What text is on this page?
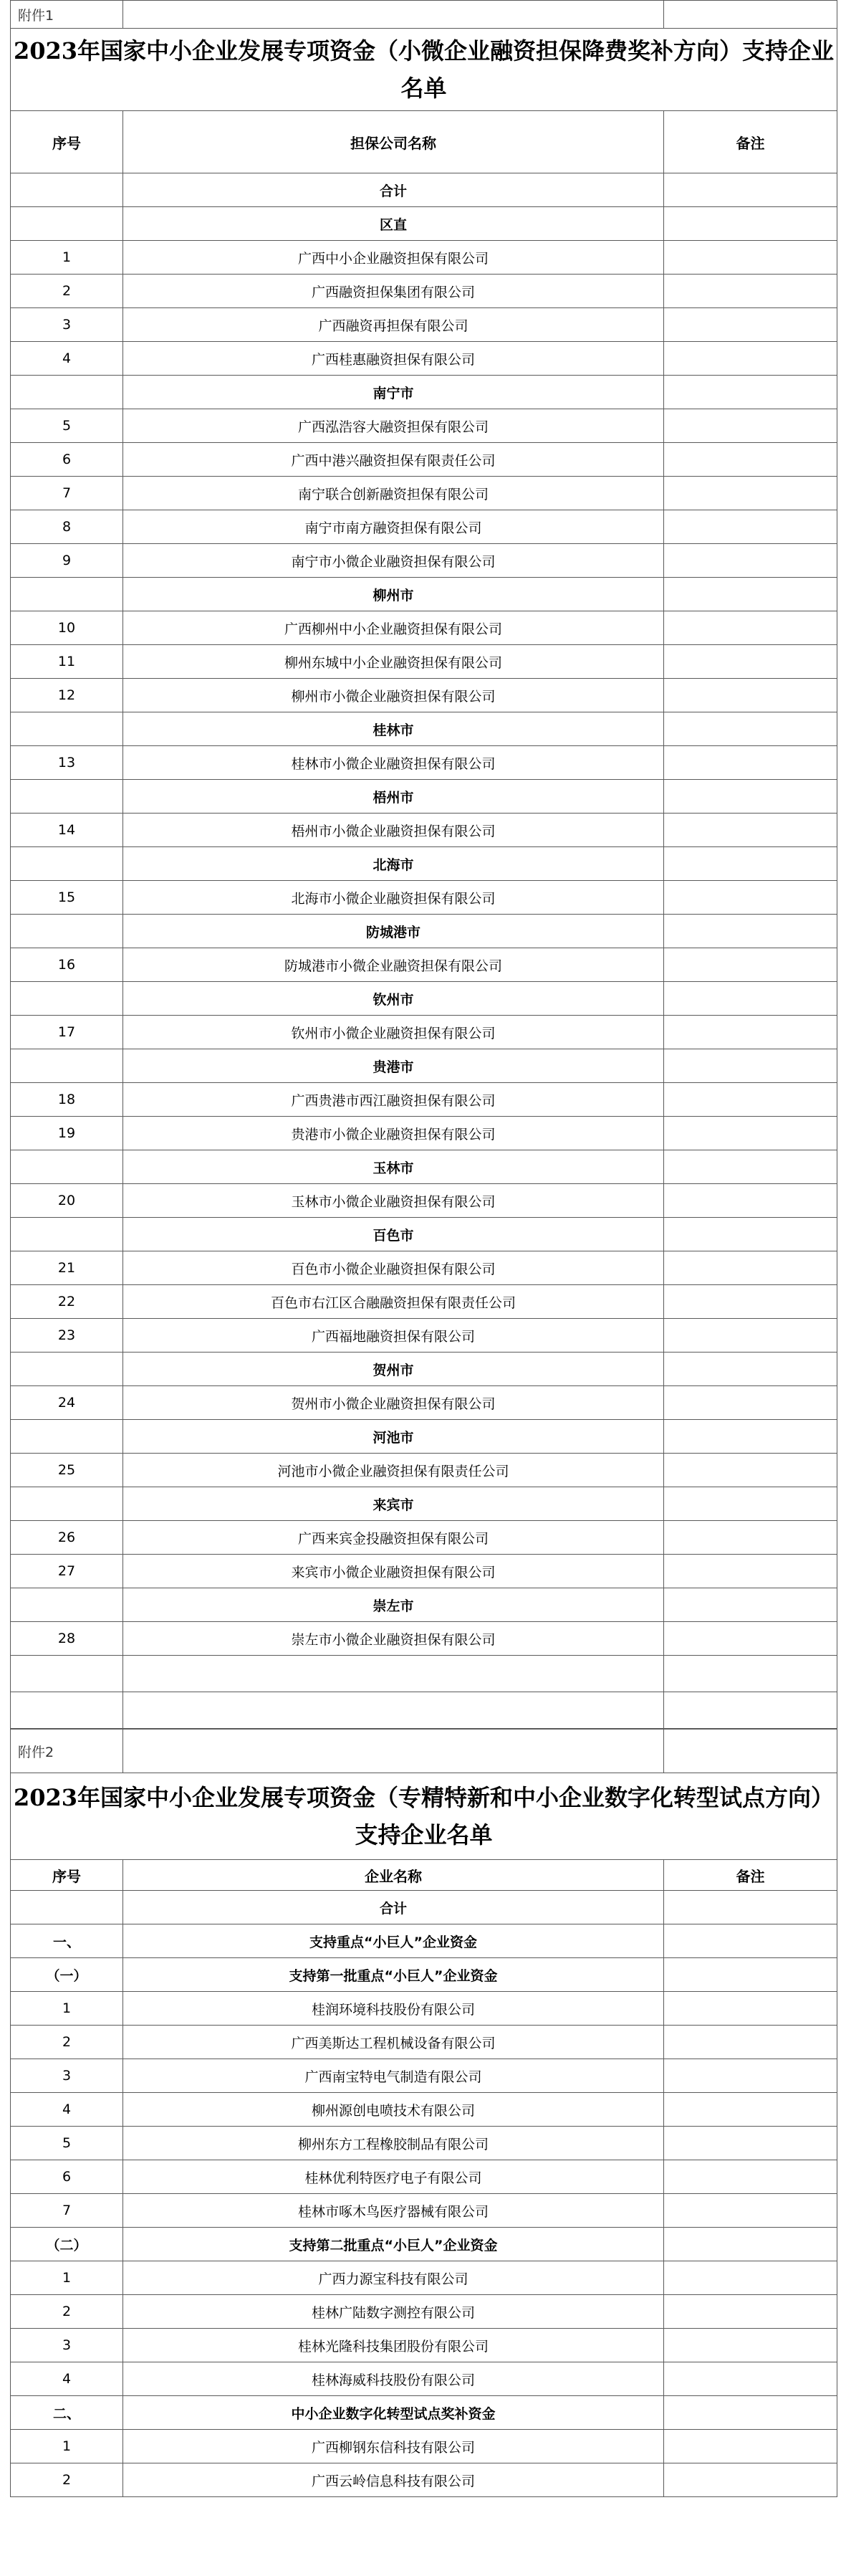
附件1		
2023年国家中小企业发展专项资金（小微企业融资担保降费奖补方向）支持企业名单		
序号	担保公司名称	备注
	合计	
	区直	
1	广西中小企业融资担保有限公司	
2	广西融资担保集团有限公司	
3	广西融资再担保有限公司	
4	广西桂惠融资担保有限公司	
	南宁市	
5	广西泓浩容大融资担保有限公司	
6	广西中港兴融资担保有限责任公司	
7	南宁联合创新融资担保有限公司	
8	南宁市南方融资担保有限公司	
9	南宁市小微企业融资担保有限公司	
	柳州市	
10	广西柳州中小企业融资担保有限公司	
11	柳州东城中小企业融资担保有限公司	
12	柳州市小微企业融资担保有限公司	
	桂林市	
13	桂林市小微企业融资担保有限公司	
	梧州市	
14	梧州市小微企业融资担保有限公司	
	北海市	
15	北海市小微企业融资担保有限公司	
	防城港市	
16	防城港市小微企业融资担保有限公司	
	钦州市	
17	钦州市小微企业融资担保有限公司	
	贵港市	
18	广西贵港市西江融资担保有限公司	
19	贵港市小微企业融资担保有限公司	
	玉林市	
20	玉林市小微企业融资担保有限公司	
	百色市	
21	百色市小微企业融资担保有限公司	
22	百色市右江区合融融资担保有限责任公司	
23	广西福地融资担保有限公司	
	贺州市	
24	贺州市小微企业融资担保有限公司	
	河池市	
25	河池市小微企业融资担保有限责任公司	
	来宾市	
26	广西来宾金投融资担保有限公司	
27	来宾市小微企业融资担保有限公司	
	崇左市	
28	崇左市小微企业融资担保有限公司	

附件2		
2023年国家中小企业发展专项资金（专精特新和中小企业数字化转型试点方向）支持企业名单		
序号	企业名称	备注
	合计	
一、	支持重点“小巨人”企业资金	
（一）	支持第一批重点“小巨人”企业资金	
1	桂润环境科技股份有限公司	
2	广西美斯达工程机械设备有限公司	
3	广西南宝特电气制造有限公司	
4	柳州源创电喷技术有限公司	
5	柳州东方工程橡胶制品有限公司	
6	桂林优利特医疗电子有限公司	
7	桂林市啄木鸟医疗器械有限公司	
（二）	支持第二批重点“小巨人”企业资金	
1	广西力源宝科技有限公司	
2	桂林广陆数字测控有限公司	
3	桂林光隆科技集团股份有限公司	
4	桂林海威科技股份有限公司	
二、	中小企业数字化转型试点奖补资金	
1	广西柳钢东信科技有限公司	
2	广西云岭信息科技有限公司	
